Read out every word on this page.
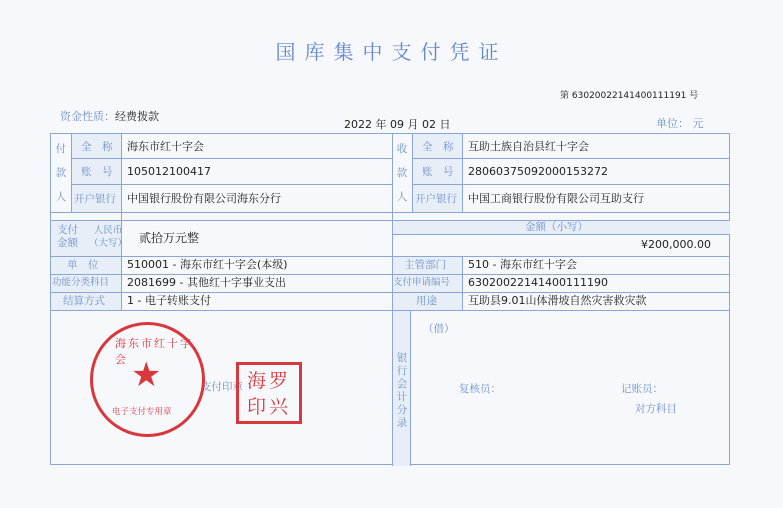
国库集中支付凭证
第 63020022141400111191 号
资金性质：经费拨款
2022 年 09 月 02 日	单位： 元
付
款
人
全　称 海东市红十字会
账　号 105012100417
开户银行 中国银行股份有限公司海东分行
收
款
人
全　称 互助土族自治县红十字会
账　号 28060375092000153272
开户银行 中国工商银行股份有限公司互助支行
支付
金额
人民币
（大写） 贰拾万元整
金额（小写）
¥200,000.00
单　位	510001 - 海东市红十字会(本级)	主管部门 510 - 海东市红十字会
功能分类科目 2081699 - 其他红十字事业支出	支付申请编号 63020022141400111190
结算方式 1 - 电子转账支付	用途	互助县9.01山体滑坡自然灾害救灾款
支付印章
银
行
会
计
分
录
（借）
复核员：	记账员：
对方科目
★
海东市红十字会
电子支付专用章
海罗
印兴
